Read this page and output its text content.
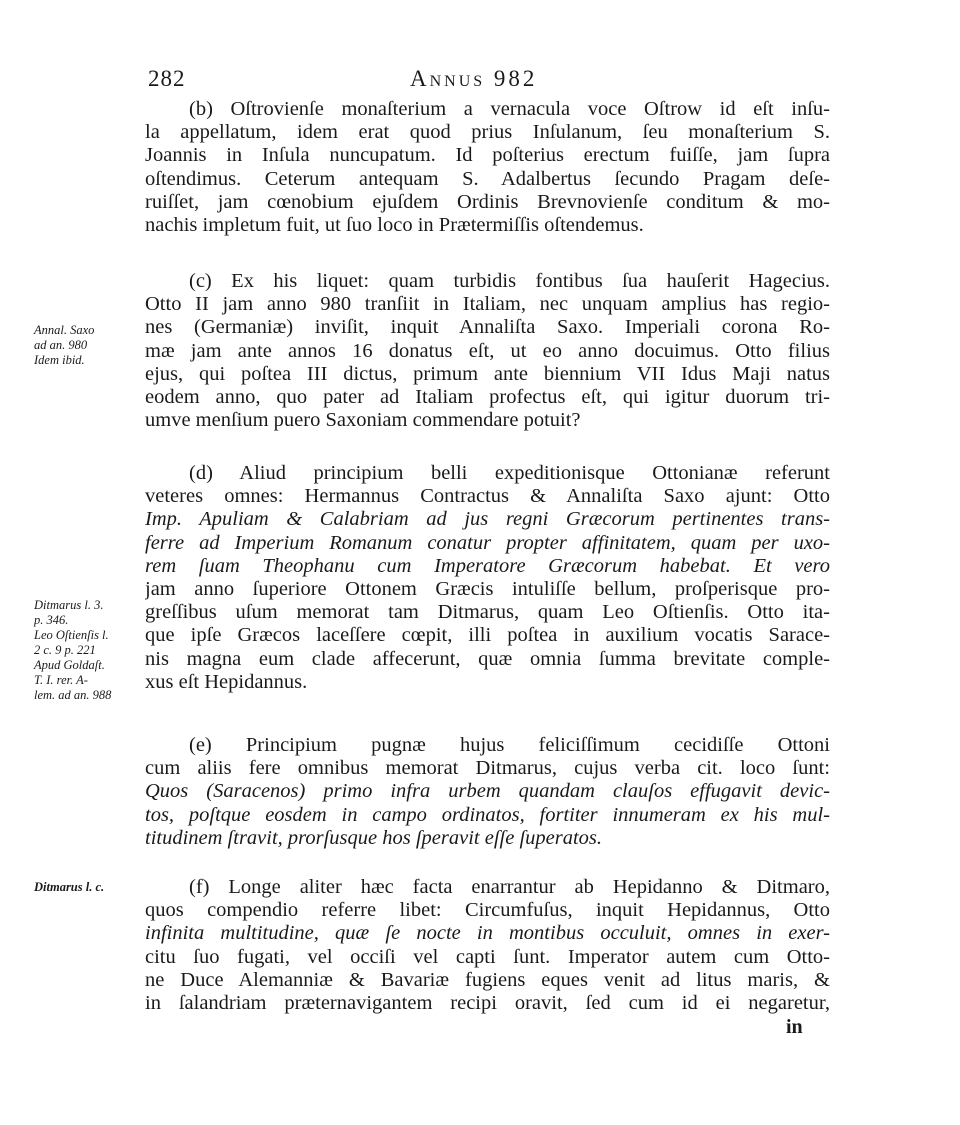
282	Annus 982
(b) Oſtrovienſe monaſterium a vernacula voce Oſtrow id eſt inſu-
la appellatum, idem erat quod prius Inſulanum, ſeu monaſterium S.
Joannis in Inſula nuncupatum. Id poſterius erectum fuiſſe, jam ſupra
oſtendimus. Ceterum antequam S. Adalbertus ſecundo Pragam deſe-
ruiſſet, jam cœnobium ejuſdem Ordinis Brevnovienſe conditum & mo-
nachis impletum fuit, ut ſuo loco in Prætermiſſis oſtendemus.
(c) Ex his liquet: quam turbidis fontibus ſua hauſerit Hagecius.
Otto II jam anno 980 tranſiit in Italiam, nec unquam amplius has regio-
nes (Germaniæ) inviſit, inquit Annaliſta Saxo. Imperiali corona Ro-
mæ jam ante annos 16 donatus eſt, ut eo anno docuimus. Otto filius
ejus, qui poſtea III dictus, primum ante biennium VII Idus Maji natus
eodem anno, quo pater ad Italiam profectus eſt, qui igitur duorum tri-
umve menſium puero Saxoniam commendare potuit?
(d) Aliud principium belli expeditionisque Ottonianæ referunt
veteres omnes: Hermannus Contractus & Annaliſta Saxo ajunt: Otto
Imp. Apuliam & Calabriam ad jus regni Græcorum pertinentes trans-
ferre ad Imperium Romanum conatur propter affinitatem, quam per uxo-
rem ſuam Theophanu cum Imperatore Græcorum habebat. Et vero
jam anno ſuperiore Ottonem Græcis intuliſſe bellum, proſperisque pro-
greſſibus uſum memorat tam Ditmarus, quam Leo Oſtienſis. Otto ita-
que ipſe Græcos laceſſere cœpit, illi poſtea in auxilium vocatis Sarace-
nis magna eum clade affecerunt, quæ omnia ſumma brevitate comple-
xus eſt Hepidannus.
(e) Principium pugnæ hujus feliciſſimum cecidiſſe Ottoni
cum aliis fere omnibus memorat Ditmarus, cujus verba cit. loco ſunt:
Quos (Saracenos) primo infra urbem quandam clauſos effugavit devic-
tos, poſtque eosdem in campo ordinatos, fortiter innumeram ex his mul-
titudinem ſtravit, prorſusque hos ſperavit eſſe ſuperatos.
(f) Longe aliter hæc facta enarrantur ab Hepidanno & Ditmaro,
quos compendio referre libet: Circumfuſus, inquit Hepidannus, Otto
infinita multitudine, quæ ſe nocte in montibus occuluit, omnes in exer-
citu ſuo fugati, vel occiſi vel capti ſunt. Imperator autem cum Otto-
ne Duce Alemanniæ & Bavariæ fugiens eques venit ad litus maris, &
in ſalandriam præternavigantem recipi oravit, ſed cum id ei negaretur,
in
Annal. Saxo
ad an. 980
Idem ibid.
Ditmarus l. 3.
p. 346.
Leo Oſtienſis l.
2 c. 9 p. 221
Apud Goldaſt.
T. I. rer. A-
lem. ad an. 988
Ditmarus l. c.
